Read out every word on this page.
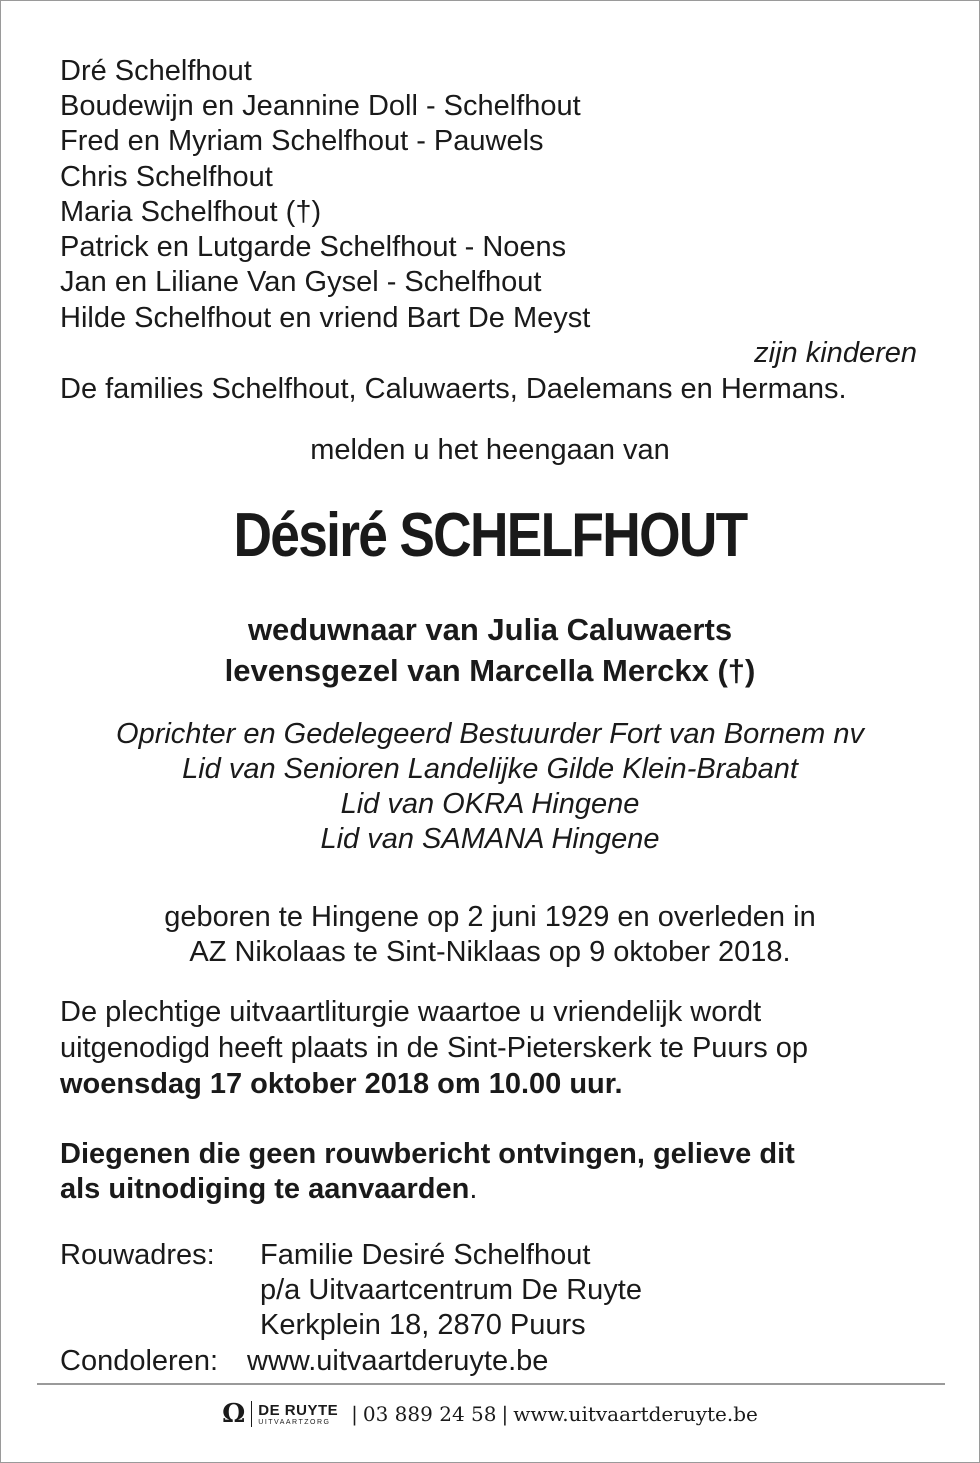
Dré Schelfhout
Boudewijn en Jeannine Doll - Schelfhout
Fred en Myriam Schelfhout - Pauwels
Chris Schelfhout
Maria Schelfhout (†)
Patrick en Lutgarde Schelfhout - Noens
Jan en Liliane Van Gysel - Schelfhout
Hilde Schelfhout en vriend Bart De Meyst
zijn kinderen
De families Schelfhout, Caluwaerts, Daelemans en Hermans.
melden u het heengaan van
Désiré SCHELFHOUT
weduwnaar van Julia Caluwaerts
levensgezel van Marcella Merckx (†)
Oprichter en Gedelegeerd Bestuurder Fort van Bornem nv
Lid van Senioren Landelijke Gilde Klein-Brabant
Lid van OKRA Hingene
Lid van SAMANA Hingene
geboren te Hingene op 2 juni 1929 en overleden in
AZ Nikolaas te Sint-Niklaas op 9 oktober 2018.
De plechtige uitvaartliturgie waartoe u vriendelijk wordt
uitgenodigd heeft plaats in de Sint-Pieterskerk te Puurs op
woensdag 17 oktober 2018 om 10.00 uur.
Diegenen die geen rouwbericht ontvingen, gelieve dit
als uitnodiging te aanvaarden.
Rouwadres: Familie Desiré Schelfhout
p/a Uitvaartcentrum De Ruyte
Kerkplein 18, 2870 Puurs
Condoleren: www.uitvaartderuyte.be
Ω DE RUYTE
UITVAARTZORG	| 03 889 24 58 | www.uitvaartderuyte.be
